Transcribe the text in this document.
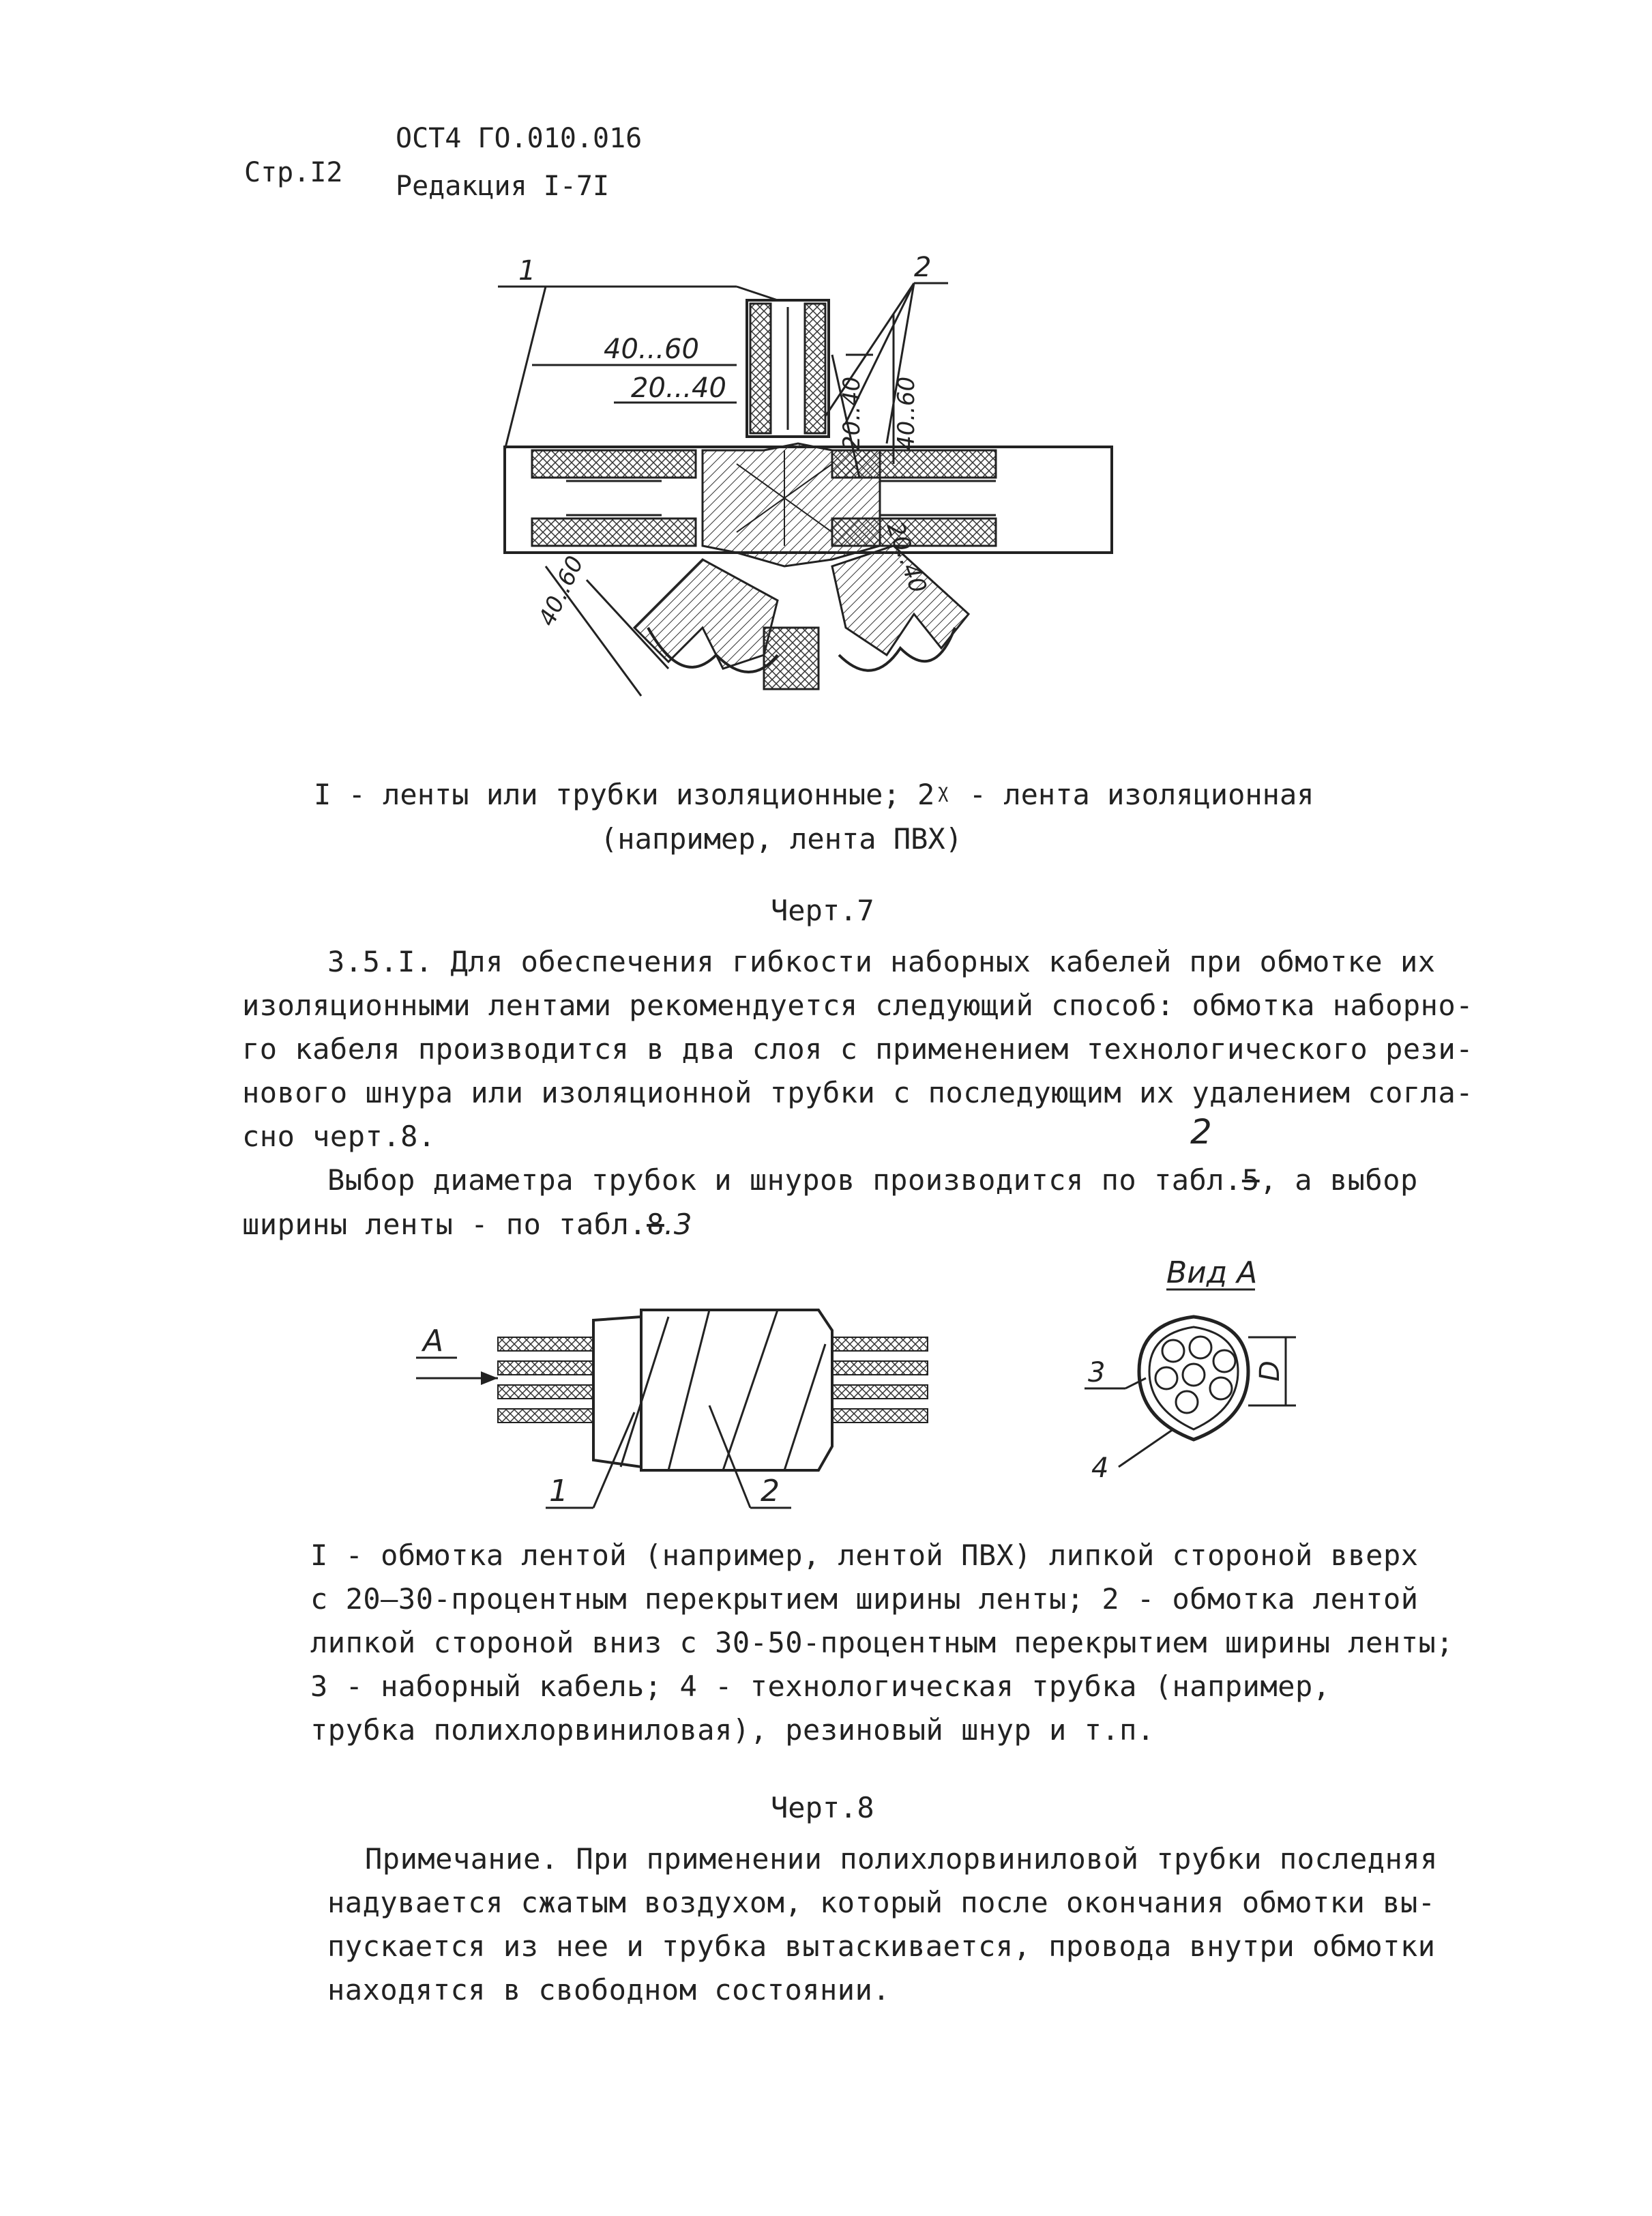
Стр.I2
ОСТ4 ГО.010.016
Редакция I-7I
1	2
40...60
20...40	20..40 40..60
40..60	20..40
I - ленты или трубки изоляционные; 2ᵡ - лента изоляционная
(например, лента ПВХ)
Черт.7
3.5.I. Для обеспечения гибкости наборных кабелей при обмотке их
изоляционными лентами рекомендуется следующий способ: обмотка наборно-
го кабеля производится в два слоя с применением технологического рези-
нового шнура или изоляционной трубки с последующим их удалением согла-
сно черт.8.
Выбор диаметра трубок и шнуров производится по табл.5, а выбор
2
ширины ленты - по табл.8.3
А
1	2
Вид А
D
3
4
I - обмотка лентой (например, лентой ПВХ) липкой стороной вверх
с 20–30-процентным перекрытием ширины ленты; 2 - обмотка лентой
липкой стороной вниз с 30-50-процентным перекрытием ширины ленты;
3 - наборный кабель; 4 - технологическая трубка (например,
трубка полихлорвиниловая), резиновый шнур и т.п.
Черт.8
Примечание. При применении полихлорвиниловой трубки последняя
надувается сжатым воздухом, который после окончания обмотки вы-
пускается из нее и трубка вытаскивается, провода внутри обмотки
находятся в свободном состоянии.
